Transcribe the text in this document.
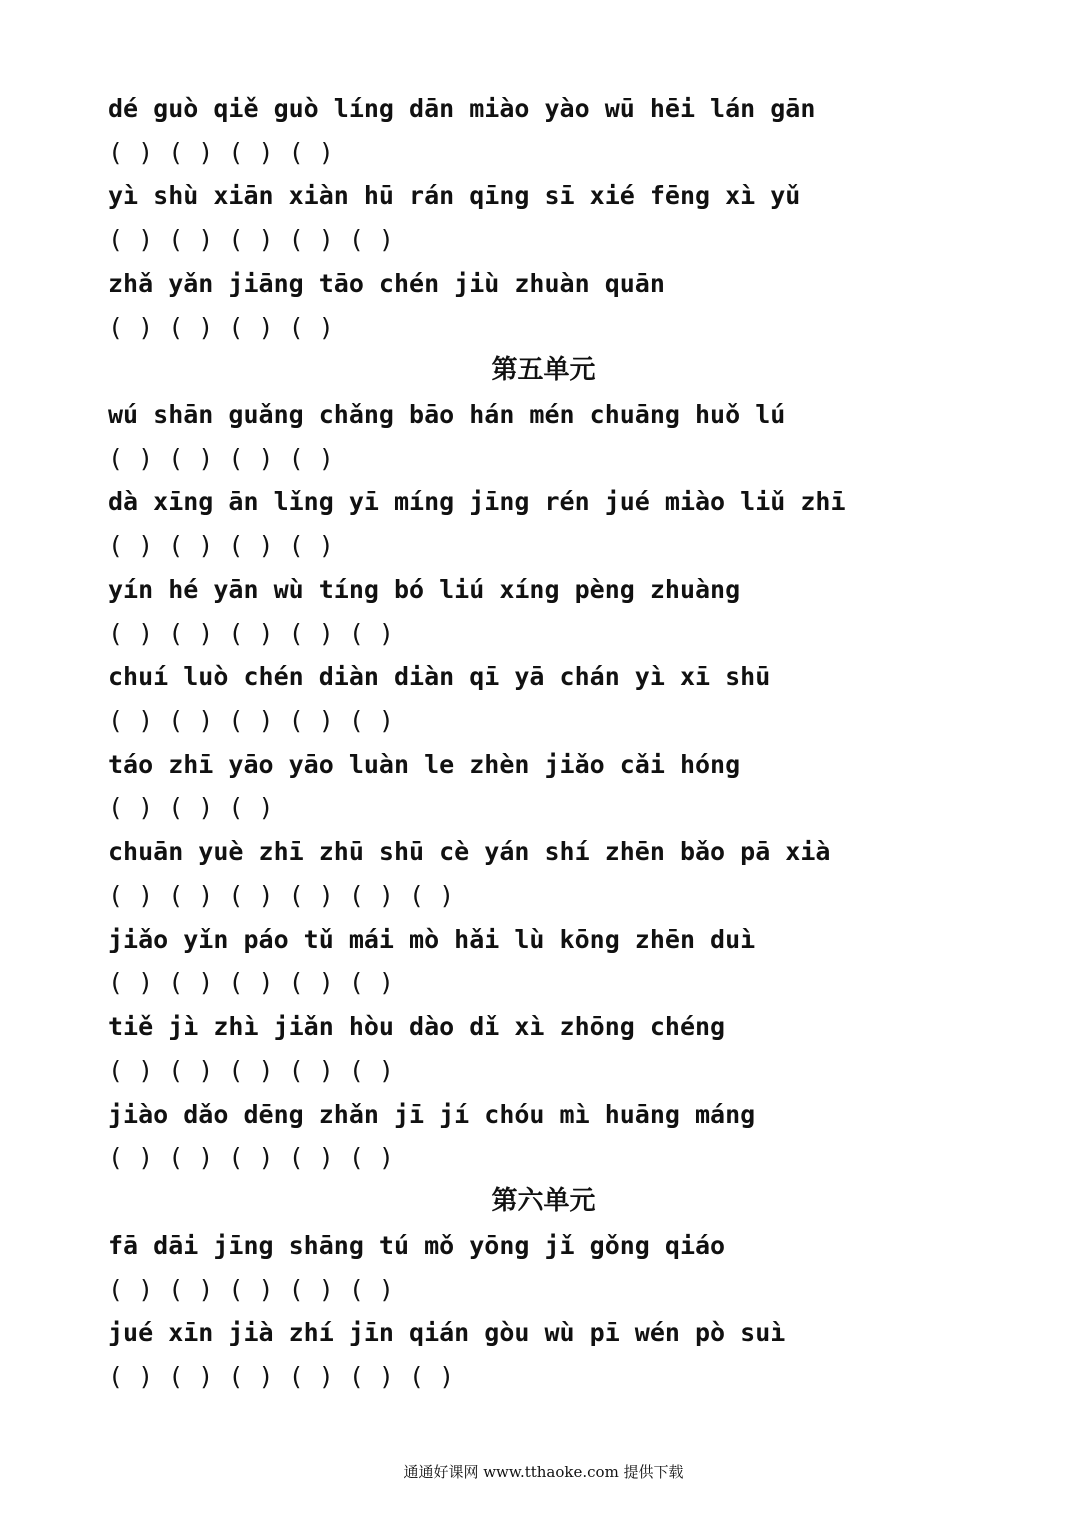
dé guò qiě guò líng dān miào yào wū hēi lán gān
( ) ( ) ( ) ( )
yì shù xiān xiàn hū rán qīng sī xié fēng xì yǔ
( ) ( ) ( ) ( ) ( )
zhǎ yǎn jiāng tāo chén jiù zhuàn quān
( ) ( ) ( ) ( )
第五单元
wú shān guǎng chǎng bāo hán mén chuāng huǒ lú
( ) ( ) ( ) ( )
dà xīng ān lǐng yī míng jīng rén jué miào liǔ zhī
( ) ( ) ( ) ( )
yín hé yān wù tíng bó liú xíng pèng zhuàng
( ) ( ) ( ) ( ) ( )
chuí luò chén diàn diàn qī yā chán yì xī shū
( ) ( ) ( ) ( ) ( )
táo zhī yāo yāo luàn le zhèn jiǎo cǎi hóng
( ) ( ) ( )
chuān yuè zhī zhū shū cè yán shí zhēn bǎo pā xià
( ) ( ) ( ) ( ) ( ) ( )
jiǎo yǐn páo tǔ mái mò hǎi lù kōng zhēn duì
( ) ( ) ( ) ( ) ( )
tiě jì zhì jiǎn hòu dào dǐ xì zhōng chéng
( ) ( ) ( ) ( ) ( )
jiào dǎo dēng zhǎn jī jí chóu mì huāng máng
( ) ( ) ( ) ( ) ( )
第六单元
fā dāi jīng shāng tú mǒ yōng jǐ gǒng qiáo
( ) ( ) ( ) ( ) ( )
jué xīn jià zhí jīn qián gòu wù pī wén pò suì
( ) ( ) ( ) ( ) ( ) ( )
通通好课网 www.tthaoke.com 提供下载
